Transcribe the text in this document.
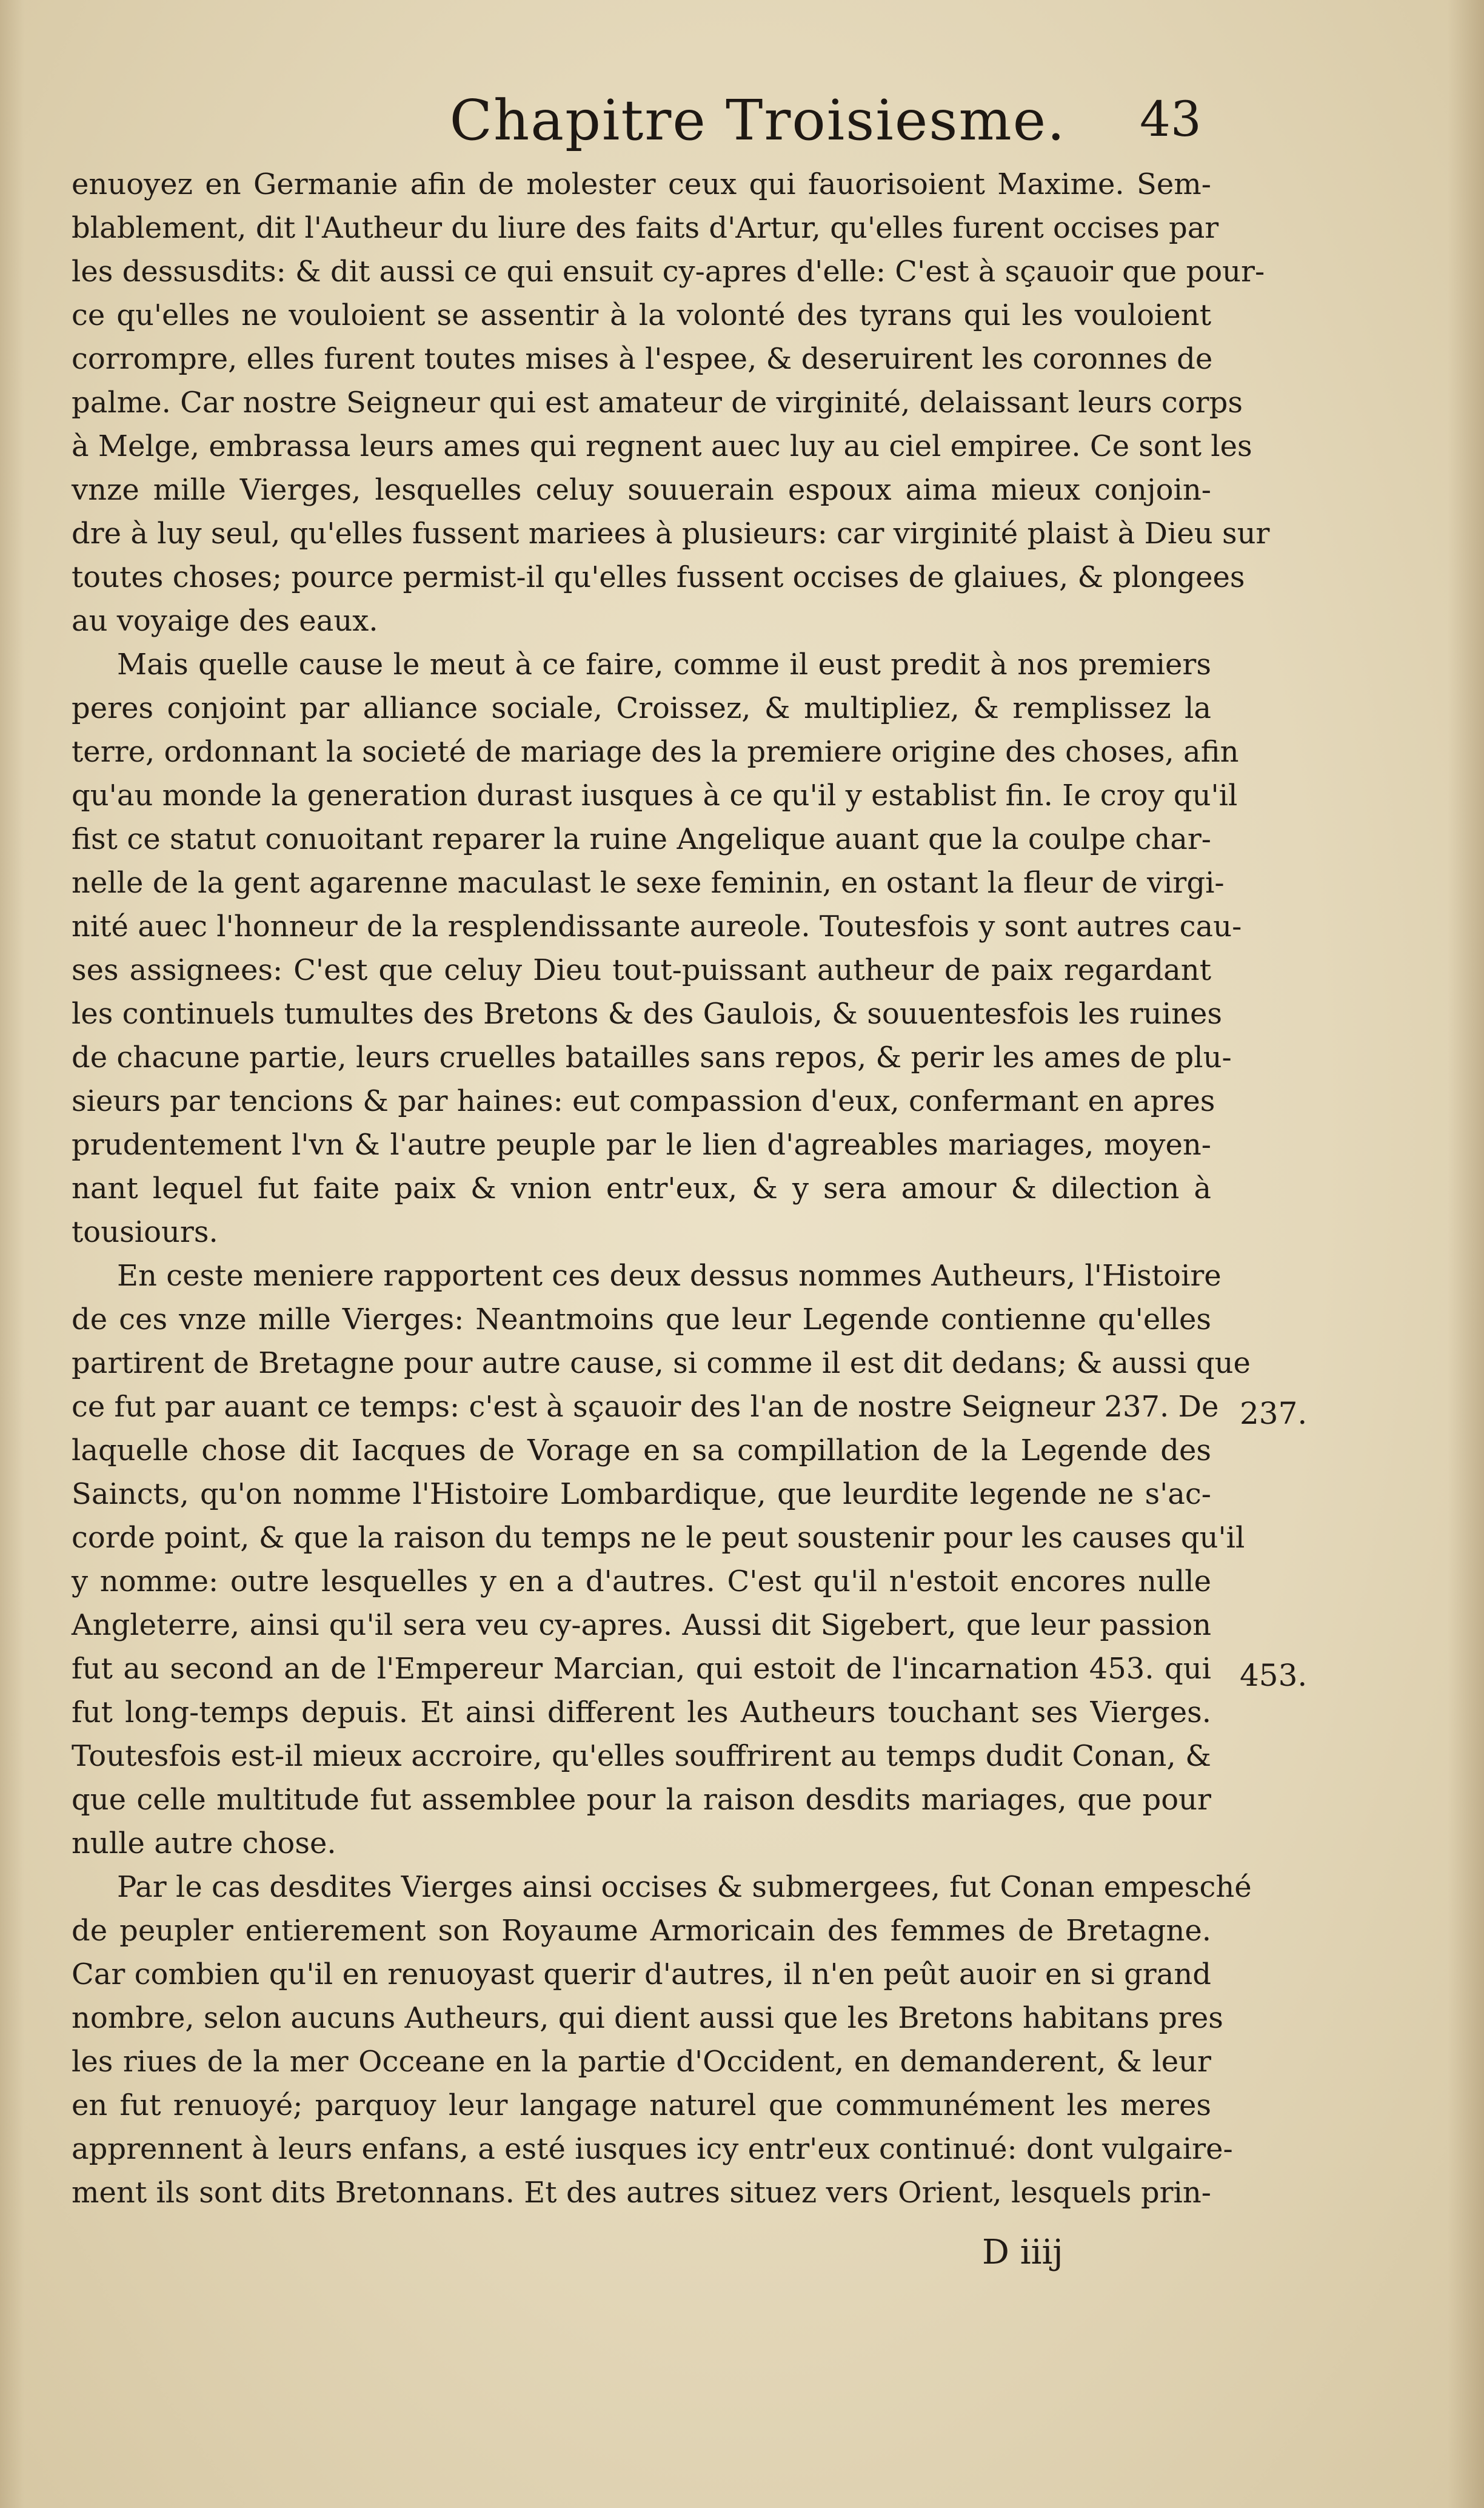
Chapitre Troisiesme.	43
enuoyez en Germanie afin de molester ceux qui fauorisoient Maxime. Sem-
blablement, dit l'Autheur du liure des faits d'Artur, qu'elles furent occises par
les dessusdits: & dit aussi ce qui ensuit cy-apres d'elle: C'est à sçauoir que pour-
ce qu'elles ne vouloient se assentir à la volonté des tyrans qui les vouloient
corrompre, elles furent toutes mises à l'espee, & deseruirent les coronnes de
palme. Car nostre Seigneur qui est amateur de virginité, delaissant leurs corps
à Melge, embrassa leurs ames qui regnent auec luy au ciel empiree. Ce sont les
vnze mille Vierges, lesquelles celuy souuerain espoux aima mieux conjoin-
dre à luy seul, qu'elles fussent mariees à plusieurs: car virginité plaist à Dieu sur
toutes choses; pource permist-il qu'elles fussent occises de glaiues, & plongees
au voyaige des eaux.
Mais quelle cause le meut à ce faire, comme il eust predit à nos premiers
peres conjoint par alliance sociale, Croissez, & multipliez, & remplissez la
terre, ordonnant la societé de mariage des la premiere origine des choses, afin
qu'au monde la generation durast iusques à ce qu'il y establist fin. Ie croy qu'il
fist ce statut conuoitant reparer la ruine Angelique auant que la coulpe char-
nelle de la gent agarenne maculast le sexe feminin, en ostant la fleur de virgi-
nité auec l'honneur de la resplendissante aureole. Toutesfois y sont autres cau-
ses assignees: C'est que celuy Dieu tout-puissant autheur de paix regardant
les continuels tumultes des Bretons & des Gaulois, & souuentesfois les ruines
de chacune partie, leurs cruelles batailles sans repos, & perir les ames de plu-
sieurs par tencions & par haines: eut compassion d'eux, confermant en apres
prudentement l'vn & l'autre peuple par le lien d'agreables mariages, moyen-
nant lequel fut faite paix & vnion entr'eux, & y sera amour & dilection à
tousiours.
En ceste meniere rapportent ces deux dessus nommes Autheurs, l'Histoire
de ces vnze mille Vierges: Neantmoins que leur Legende contienne qu'elles
partirent de Bretagne pour autre cause, si comme il est dit dedans; & aussi que
ce fut par auant ce temps: c'est à sçauoir des l'an de nostre Seigneur 237. De
laquelle chose dit Iacques de Vorage en sa compillation de la Legende des
Saincts, qu'on nomme l'Histoire Lombardique, que leurdite legende ne s'ac-
corde point, & que la raison du temps ne le peut soustenir pour les causes qu'il
y nomme: outre lesquelles y en a d'autres. C'est qu'il n'estoit encores nulle
Angleterre, ainsi qu'il sera veu cy-apres. Aussi dit Sigebert, que leur passion
fut au second an de l'Empereur Marcian, qui estoit de l'incarnation 453. qui
fut long-temps depuis. Et ainsi different les Autheurs touchant ses Vierges.
Toutesfois est-il mieux accroire, qu'elles souffrirent au temps dudit Conan, &
que celle multitude fut assemblee pour la raison desdits mariages, que pour
nulle autre chose.
Par le cas desdites Vierges ainsi occises & submergees, fut Conan empesché
de peupler entierement son Royaume Armoricain des femmes de Bretagne.
Car combien qu'il en renuoyast querir d'autres, il n'en peût auoir en si grand
nombre, selon aucuns Autheurs, qui dient aussi que les Bretons habitans pres
les riues de la mer Occeane en la partie d'Occident, en demanderent, & leur
en fut renuoyé; parquoy leur langage naturel que communément les meres
apprennent à leurs enfans, a esté iusques icy entr'eux continué: dont vulgaire-
ment ils sont dits Bretonnans. Et des autres situez vers Orient, lesquels prin-
237.
453.
D iiij
